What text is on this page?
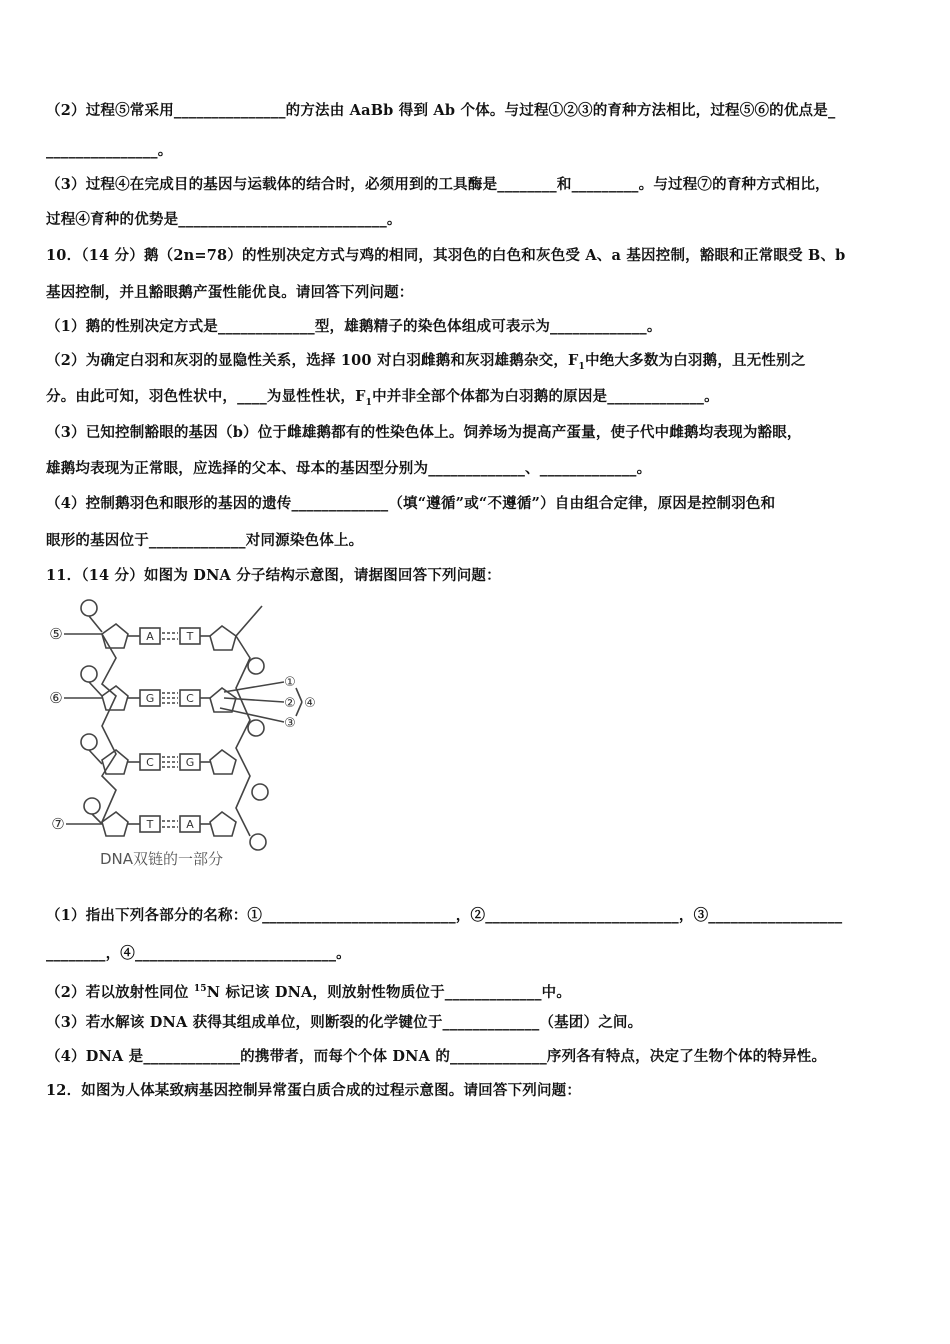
（2）过程⑤常采用_______________的方法由 AaBb 得到 Ab 个体。与过程①②③的育种方法相比，过程⑤⑥的优点是_
_______________。
（3）过程④在完成目的基因与运载体的结合时，必须用到的工具酶是________和_________。与过程⑦的育种方式相比，
过程④育种的优势是____________________________。
10．（14 分）鹅（2n=78）的性别决定方式与鸡的相同，其羽色的白色和灰色受 A、a 基因控制，豁眼和正常眼受 B、b
基因控制，并且豁眼鹅产蛋性能优良。请回答下列问题：
（1）鹅的性别决定方式是_____________型，雄鹅精子的染色体组成可表示为_____________。
（2）为确定白羽和灰羽的显隐性关系，选择 100 对白羽雌鹅和灰羽雄鹅杂交，$F_1$中绝大多数为白羽鹅，且无性别之
分。由此可知，羽色性状中，____为显性性状，$F_1$中并非全部个体都为白羽鹅的原因是_____________。
（3）已知控制豁眼的基因（b）位于雌雄鹅都有的性染色体上。饲养场为提高产蛋量，使子代中雌鹅均表现为豁眼，
雄鹅均表现为正常眼，应选择的父本、母本的基因型分别为_____________、_____________。
（4）控制鹅羽色和眼形的基因的遗传_____________（填“遵循”或“不遵循”）自由组合定律，原因是控制羽色和
眼形的基因位于_____________对同源染色体上。
11．（14 分）如图为 DNA 分子结构示意图，请据图回答下列问题：
A	T
G	C
C	G
T	A
⑤
⑥
⑦
①
②
③
④
DNA双链的一部分
（1）指出下列各部分的名称：①__________________________，②__________________________，③__________________
________，④___________________________。
（2）若以放射性同位 $^{15}$N 标记该 DNA，则放射性物质位于_____________中。
（3）若水解该 DNA 获得其组成单位，则断裂的化学键位于_____________（基团）之间。
（4）DNA 是_____________的携带者，而每个个体 DNA 的_____________序列各有特点，决定了生物个体的特异性。
12．如图为人体某致病基因控制异常蛋白质合成的过程示意图。请回答下列问题：
